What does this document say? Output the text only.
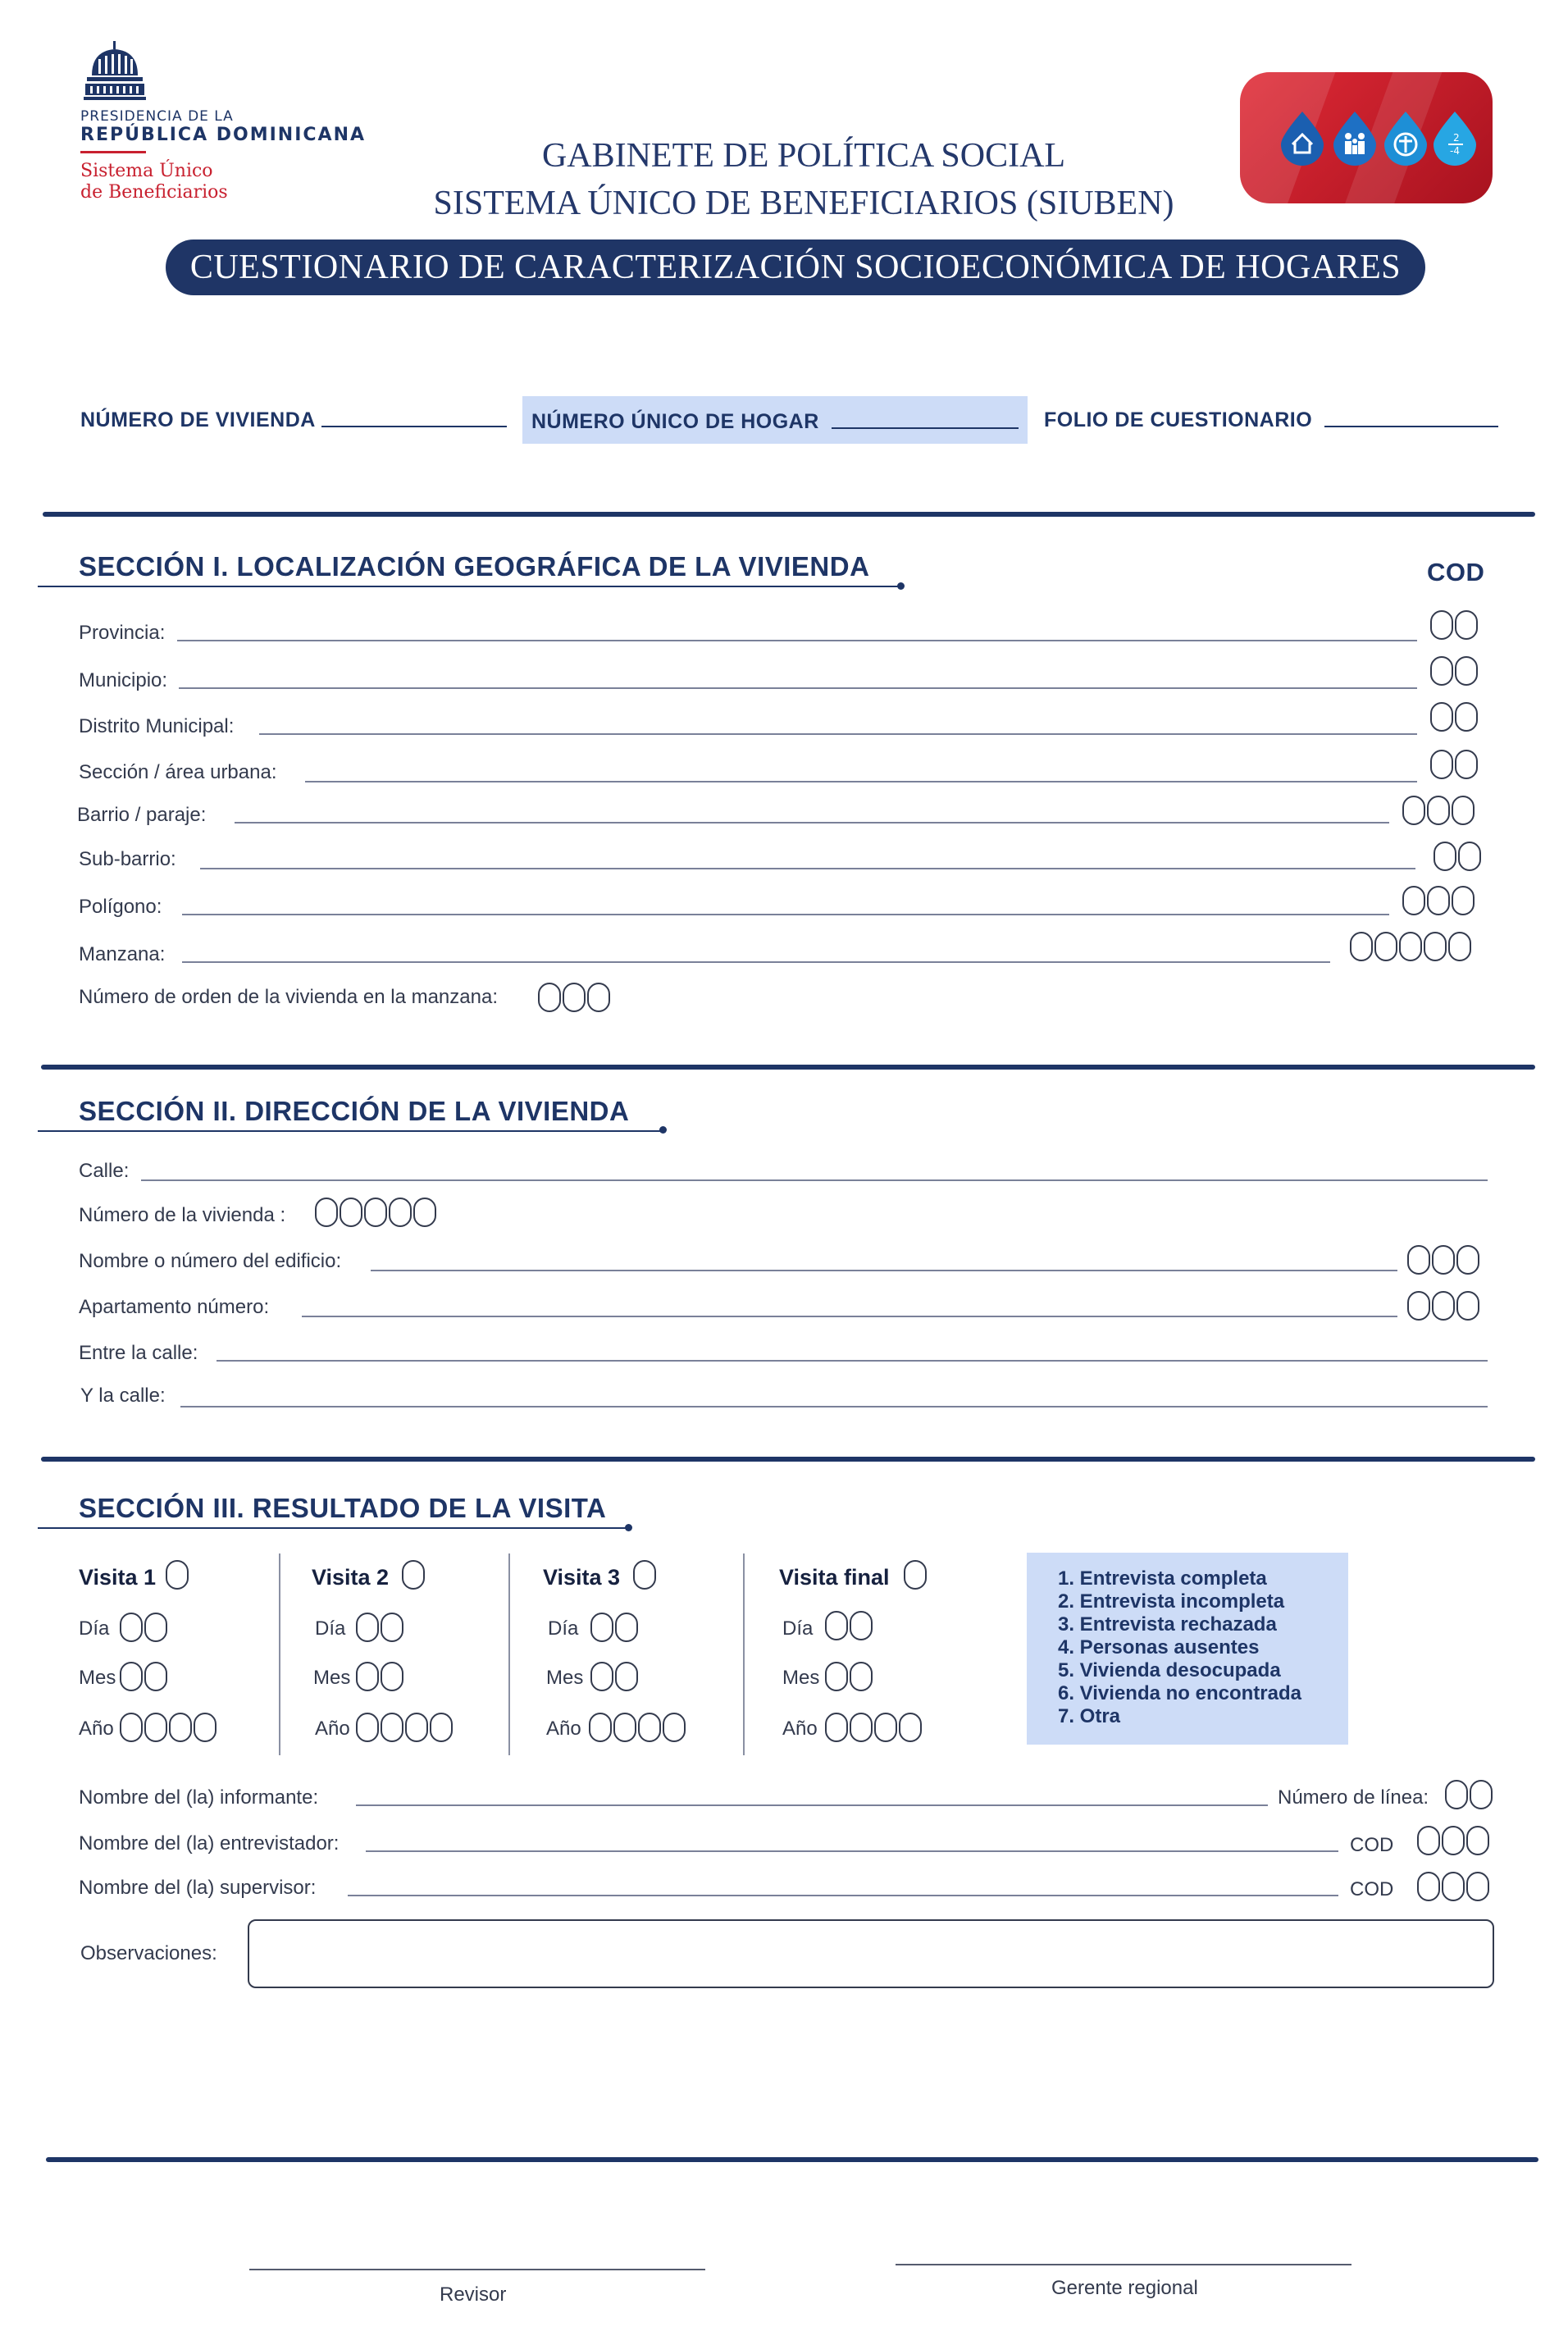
PRESIDENCIA DE LA
REPÚBLICA DOMINICANA
Sistema Único
de Beneficiarios
GABINETE DE POLÍTICA SOCIAL
SISTEMA ÚNICO DE BENEFICIARIOS (SIUBEN)
2
-4
CUESTIONARIO DE CARACTERIZACIÓN SOCIOECONÓMICA DE HOGARES
NÚMERO DE VIVIENDA	NÚMERO ÚNICO DE HOGAR	FOLIO DE CUESTIONARIO
SECCIÓN I. LOCALIZACIÓN GEOGRÁFICA DE LA VIVIENDA	COD
Provincia:
Municipio:
Distrito Municipal:
Sección / área urbana:
Barrio / paraje:
Sub-barrio:
Polígono:
Manzana:
Número de orden de la vivienda en la manzana:
SECCIÓN II. DIRECCIÓN DE LA VIVIENDA
Calle:
Número de la vivienda :
Nombre o número del edificio:
Apartamento número:
Entre la calle:
Y la calle:
SECCIÓN III. RESULTADO DE LA VISITA
Visita 1
Día
Mes
Año
Visita 2
Día
Mes
Año
Visita 3
Día
Mes
Año
Visita final
Día
Mes
Año
1. Entrevista completa
2. Entrevista incompleta
3. Entrevista rechazada
4. Personas ausentes
5. Vivienda desocupada
6. Vivienda no encontrada
7. Otra
Nombre del (la) informante:	Número de línea:
Nombre del (la) entrevistador:	COD
Nombre del (la) supervisor:	COD
Observaciones:
Revisor	Gerente regional
